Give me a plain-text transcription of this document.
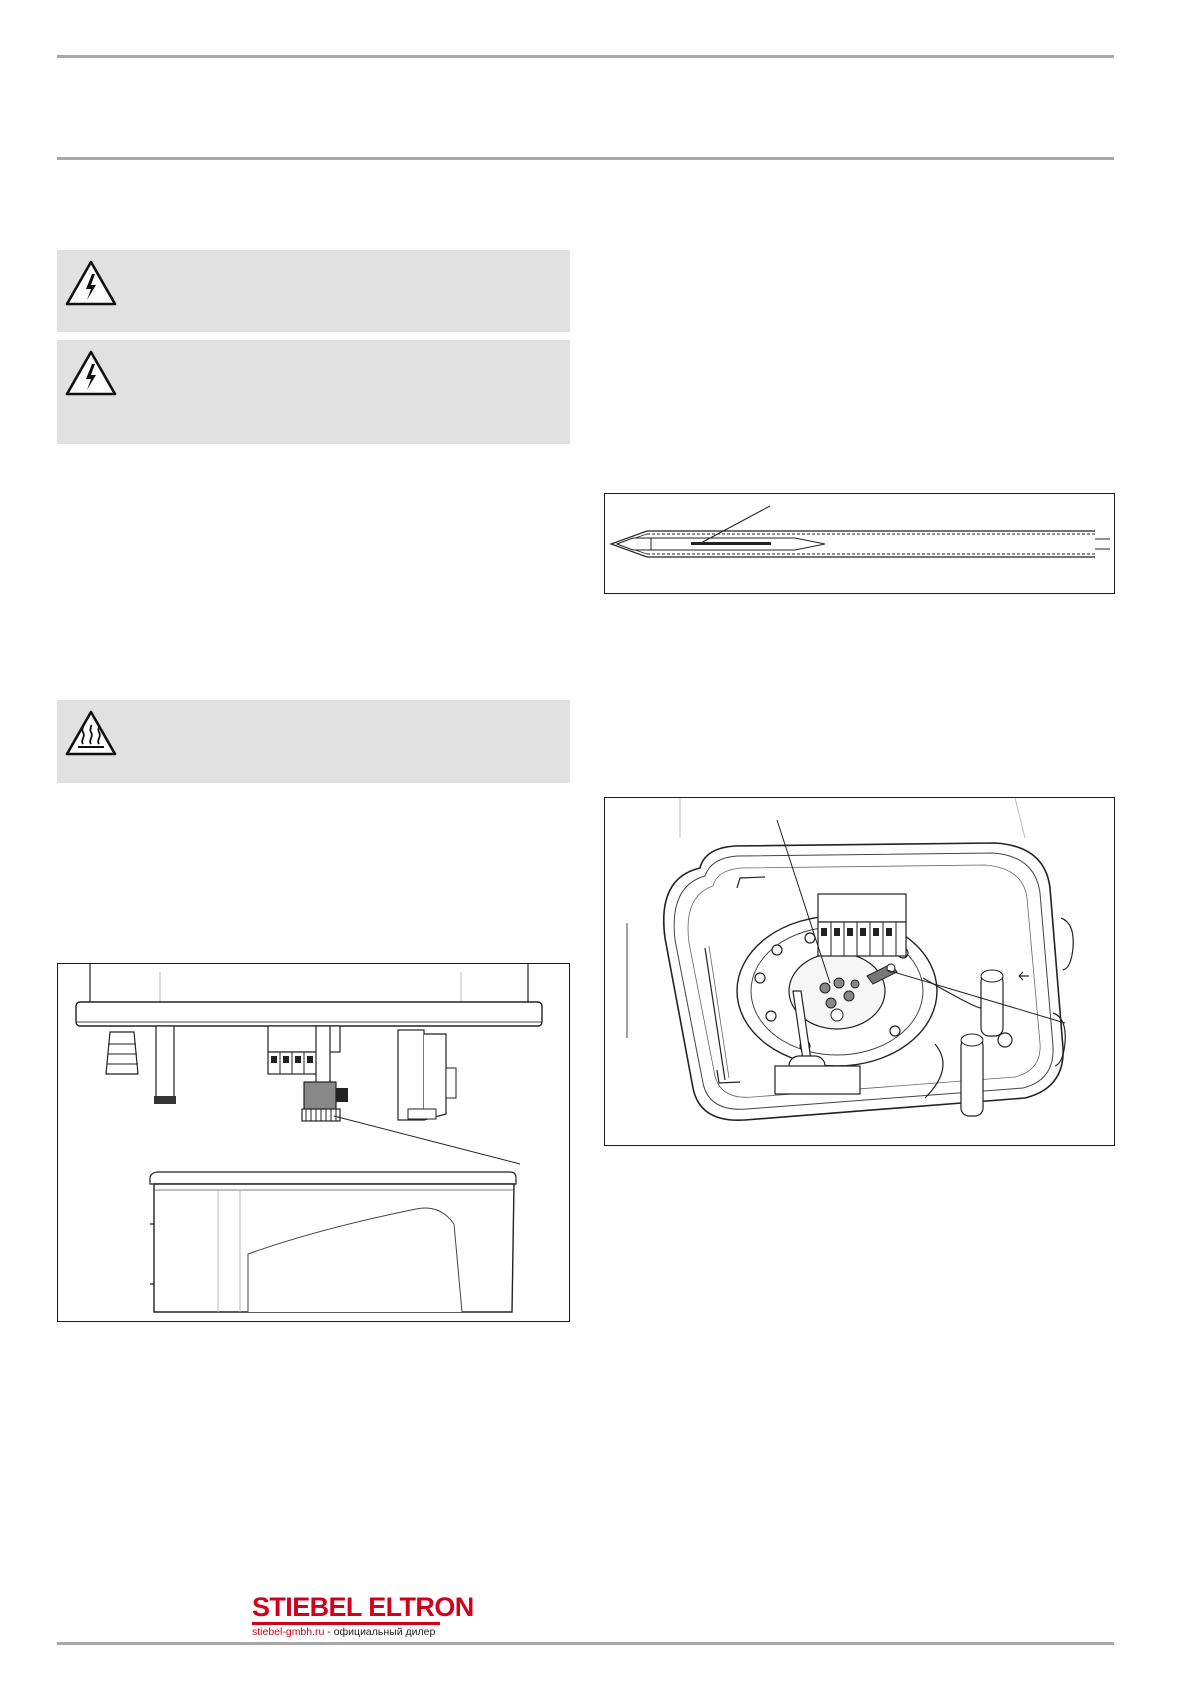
STIEBEL ELTRON
stiebel-gmbh.ru - официальный дилер
